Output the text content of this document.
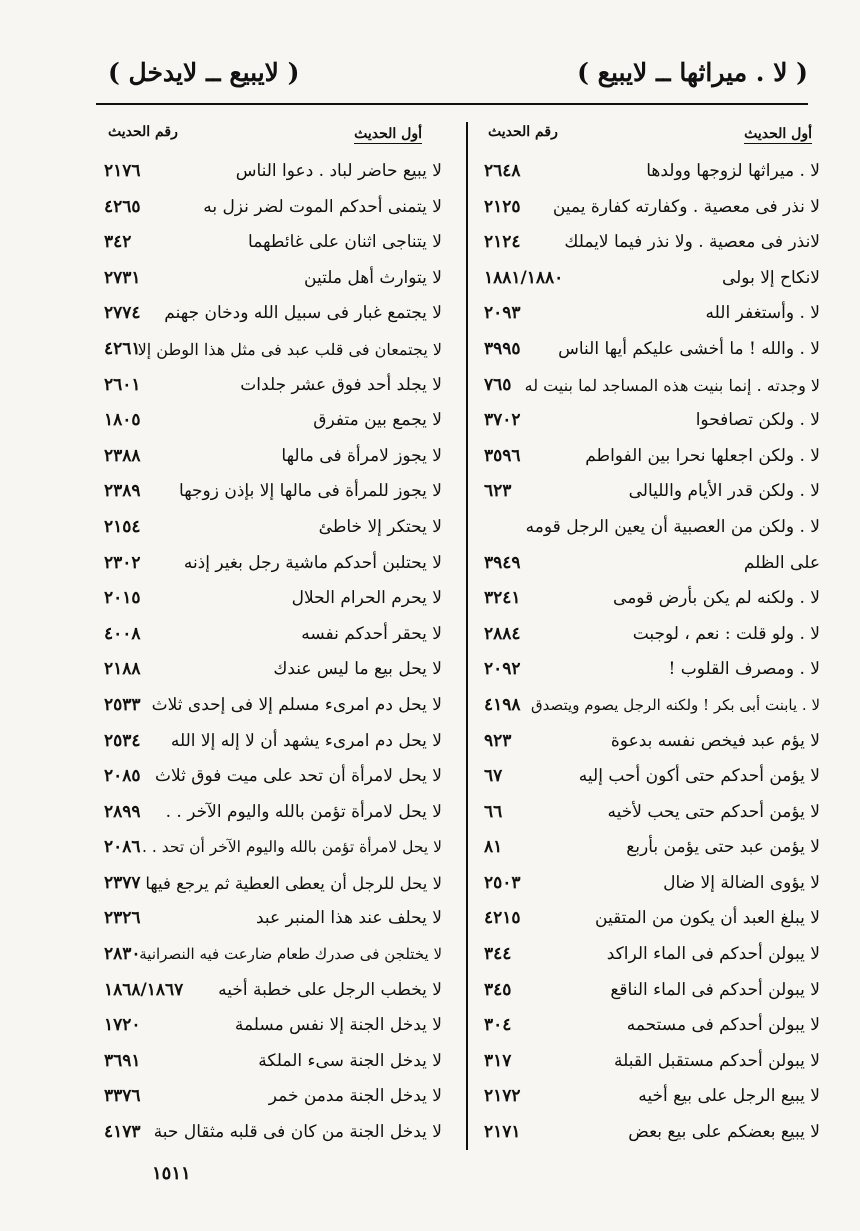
( لا . ميراثها ــ لايبيع )
( لايبيع ــ لايدخل )
أول الحديث
رقم الحديث
لا . ميراثها لزوجها وولدها
٢٦٤٨
لا نذر فى معصية . وكفارته كفارة يمين
٢١٢٥
لانذر فى معصية . ولا نذر فيما لايملك
٢١٢٤
لانكاح إلا بولى
١٨٨١/١٨٨٠
لا . وأستغفر الله
٢٠٩٣
لا . والله ! ما أخشى عليكم أيها الناس
٣٩٩٥
لا وجدته . إنما بنيت هذه المساجد لما بنيت له
٧٦٥
لا . ولكن تصافحوا
٣٧٠٢
لا . ولكن اجعلها نحرا بين الفواطم
٣٥٩٦
لا . ولكن قدر الأيام والليالى
٦٢٣
لا . ولكن من العصبية أن يعين الرجل قومه
على الظلم
٣٩٤٩
لا . ولكنه لم يكن بأرض قومى
٣٢٤١
لا . ولو قلت : نعم ، لوجبت
٢٨٨٤
لا . ومصرف القلوب !
٢٠٩٢
لا . يابنت أبى بكر ! ولكنه الرجل يصوم ويتصدق
٤١٩٨
لا يؤم عبد فيخص نفسه بدعوة
٩٢٣
لا يؤمن أحدكم حتى أكون أحب إليه
٦٧
لا يؤمن أحدكم حتى يحب لأخيه
٦٦
لا يؤمن عبد حتى يؤمن بأربع
٨١
لا يؤوى الضالة إلا ضال
٢٥٠٣
لا يبلغ العبد أن يكون من المتقين
٤٢١٥
لا يبولن أحدكم فى الماء الراكد
٣٤٤
لا يبولن أحدكم فى الماء الناقع
٣٤٥
لا يبولن أحدكم فى مستحمه
٣٠٤
لا يبولن أحدكم مستقبل القبلة
٣١٧
لا يبيع الرجل على بيع أخيه
٢١٧٢
لا يبيع بعضكم على بيع بعض
٢١٧١
أول الحديث
رقم الحديث
لا يبيع حاضر لباد . دعوا الناس
٢١٧٦
لا يتمنى أحدكم الموت لضر نزل به
٤٢٦٥
لا يتناجى اثنان على غائطهما
٣٤٢
لا يتوارث أهل ملتين
٢٧٣١
لا يجتمع غبار فى سبيل الله ودخان جهنم
٢٧٧٤
لا يجتمعان فى قلب عبد فى مثل هذا الوطن إلا
٤٢٦١
لا يجلد أحد فوق عشر جلدات
٢٦٠١
لا يجمع بين متفرق
١٨٠٥
لا يجوز لامرأة فى مالها
٢٣٨٨
لا يجوز للمرأة فى مالها إلا بإذن زوجها
٢٣٨٩
لا يحتكر إلا خاطئ
٢١٥٤
لا يحتلبن أحدكم ماشية رجل بغير إذنه
٢٣٠٢
لا يحرم الحرام الحلال
٢٠١٥
لا يحقر أحدكم نفسه
٤٠٠٨
لا يحل بيع ما ليس عندك
٢١٨٨
لا يحل دم امرىء مسلم إلا فى إحدى ثلاث
٢٥٣٣
لا يحل دم امرىء يشهد أن لا إله إلا الله
٢٥٣٤
لا يحل لامرأة أن تحد على ميت فوق ثلاث
٢٠٨٥
لا يحل لامرأة تؤمن بالله واليوم الآخر . .
٢٨٩٩
لا يحل لامرأة تؤمن بالله واليوم الآخر أن تحد . .
٢٠٨٦
لا يحل للرجل أن يعطى العطية ثم يرجع فيها
٢٣٧٧
لا يحلف عند هذا المنبر عبد
٢٣٢٦
لا يختلجن فى صدرك طعام ضارعت فيه النصرانية
٢٨٣٠
لا يخطب الرجل على خطبة أخيه
١٨٦٨/١٨٦٧
لا يدخل الجنة إلا نفس مسلمة
١٧٢٠
لا يدخل الجنة سىء الملكة
٣٦٩١
لا يدخل الجنة مدمن خمر
٣٣٧٦
لا يدخل الجنة من كان فى قلبه مثقال حبة
٤١٧٣
١٥١١
